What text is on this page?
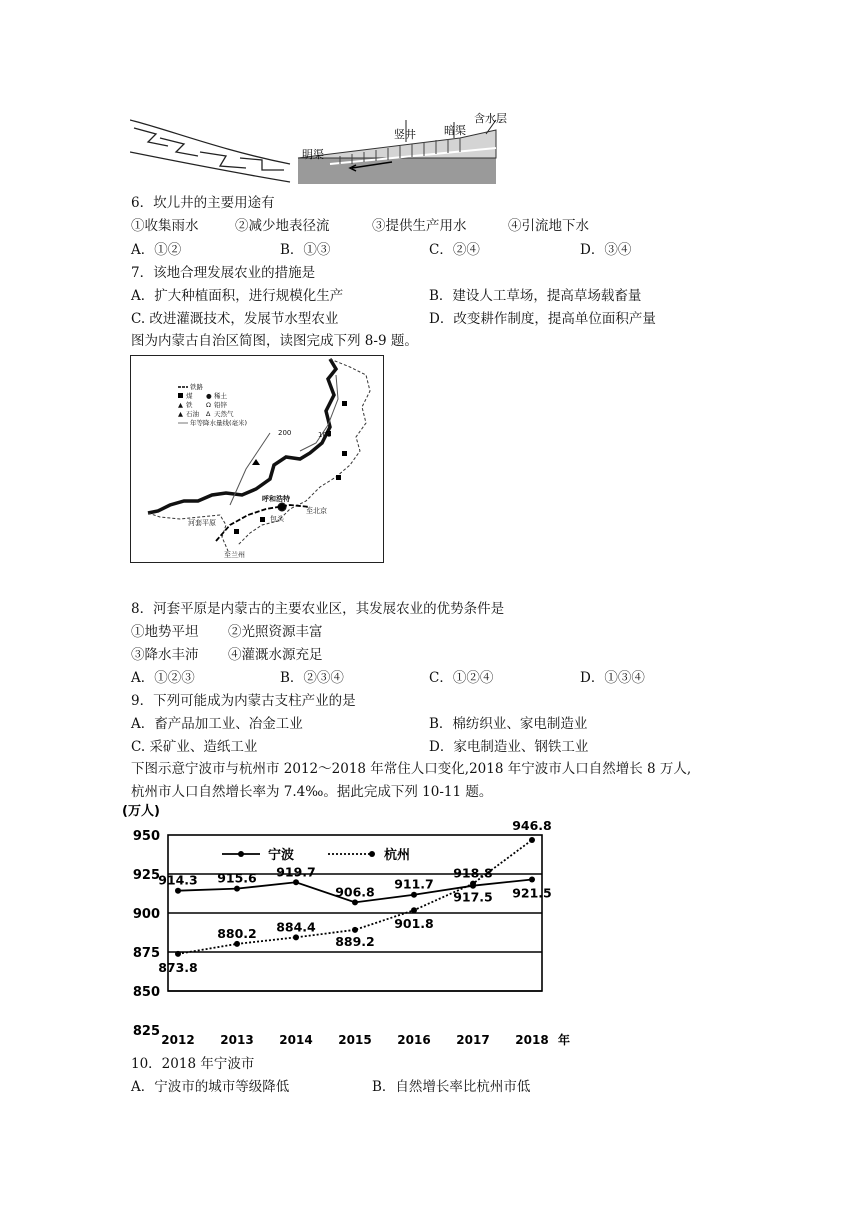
含水层
竖井	暗渠
明渠
6．坎儿井的主要用途有
①收集雨水	②减少地表径流	③提供生产用水	④引流地下水
A．①②	B．①③	C．②④	D．③④
7．该地合理发展农业的措施是
A．扩大种植面积，进行规模化生产	B．建设人工草场，提高草场载畜量
C. 改进灌溉技术，发展节水型农业	D．改变耕作制度，提高单位面积产量
图为内蒙古自治区简图，读图完成下列 8-9 题。
铁路
煤 ● 稀土
▲ 铁 Ω 铅锌
▲ 石油 ∆ 天然气
年等降水量线(毫米)
100
200
呼和浩特
至北京
河套平原	包头
至兰州
8．河套平原是内蒙古的主要农业区，其发展农业的优势条件是
①地势平坦 ②光照资源丰富
③降水丰沛 ④灌溉水源充足
A．①②③	B．②③④	C．①②④	D．①③④
9．下列可能成为内蒙古支柱产业的是
A．畜产品加工业、冶金工业	B．棉纺织业、家电制造业
C. 采矿业、造纸工业	D．家电制造业、钢铁工业
下图示意宁波市与杭州市 2012～2018 年常住人口变化,2018 年宁波市人口自然增长 8 万人,
杭州市人口自然增长率为 7.4‰。据此完成下列 10-11 题。
825
850
875
900
925
950
(万人)
2012 2013 2014 2015 2016 2017 2018 年
宁波	杭州
914.3 915.6 919.7
906.8
911.7
917.5 921.5
873.8
880.2 884.4
889.2
901.8
918.8
946.8
10．2018 年宁波市
A．宁波市的城市等级降低	B．自然增长率比杭州市低
